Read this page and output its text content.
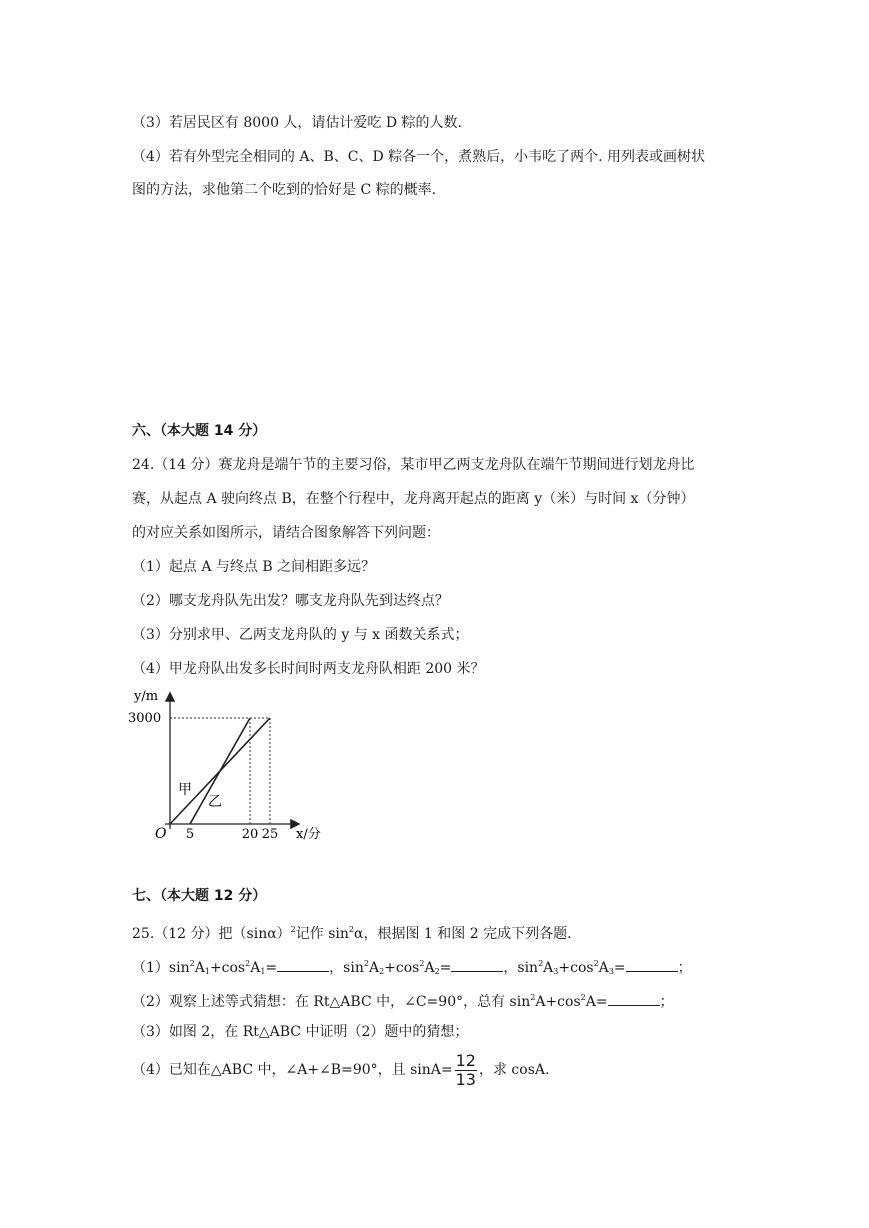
（3）若居民区有 8000 人，请估计爱吃 D 粽的人数.
（4）若有外型完全相同的 A、B、C、D 粽各一个，煮熟后，小韦吃了两个. 用列表或画树状
图的方法，求他第二个吃到的恰好是 C 粽的概率.
六、（本大题 14 分）
24.（14 分）赛龙舟是端午节的主要习俗，某市甲乙两支龙舟队在端午节期间进行划龙舟比
赛，从起点 A 驶向终点 B，在整个行程中，龙舟离开起点的距离 y（米）与时间 x（分钟）
的对应关系如图所示，请结合图象解答下列问题：
（1）起点 A 与终点 B 之间相距多远？
（2）哪支龙舟队先出发？哪支龙舟队先到达终点？
（3）分别求甲、乙两支龙舟队的 y 与 x 函数关系式；
（4）甲龙舟队出发多长时间时两支龙舟队相距 200 米？
y/m
3000
O 5	20 25 x/分
甲
乙
七、（本大题 12 分）
25.（12 分）把$(\sin\alpha)^2$记作 $\sin^2\alpha$，根据图 1 和图 2 完成下列各题.
$(1)\sin^2A_1+\cos^2A_1=$	，$\sin^2A_2+\cos^2A_2=$	，$\sin^2A_3+\cos^2A_3=$	；
（2）观察上述等式猜想：在 Rt△ABC 中，∠C=90°，总有 $\sin^2A+\cos^2A=$	；
（3）如图 2，在 Rt△ABC 中证明（2）题中的猜想；
（4）已知在△ABC 中，∠A+∠B=90°，且 $\sin A= \frac{12}{13}$ ，求 cosA.
